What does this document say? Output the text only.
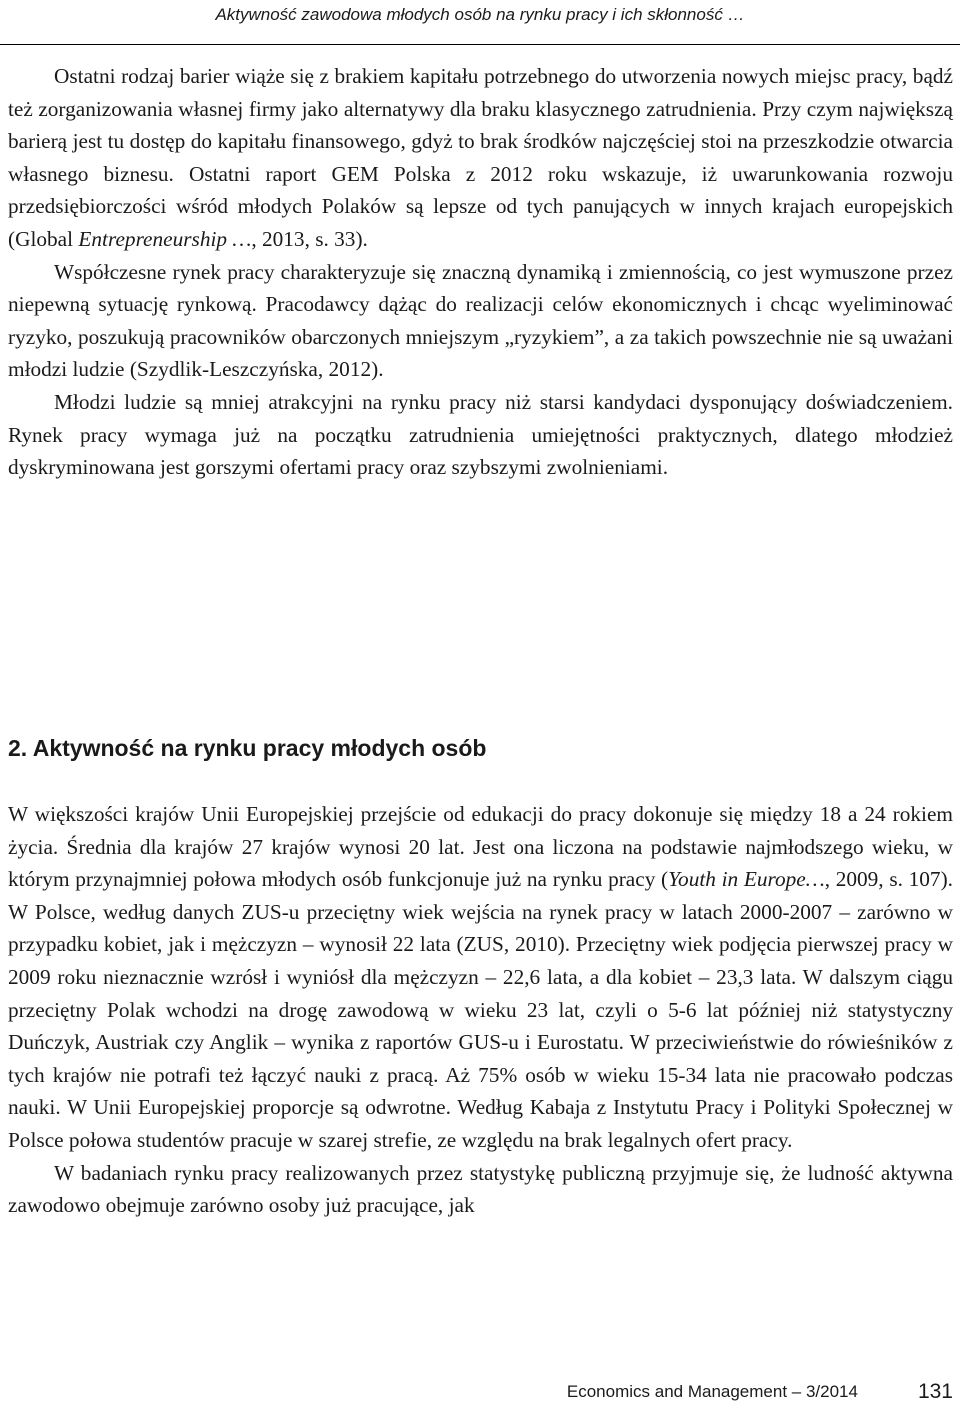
Aktywność zawodowa młodych osób na rynku pracy i ich skłonność …

Ostatni rodzaj barier wiąże się z brakiem kapitału potrzebnego do utworzenia nowych miejsc pracy, bądź też zorganizowania własnej firmy jako alternatywy dla braku klasycznego zatrudnienia. Przy czym największą barierą jest tu dostęp do kapitału finansowego, gdyż to brak środków najczęściej stoi na przeszkodzie otwarcia własnego biznesu. Ostatni raport GEM Polska z 2012 roku wskazuje, iż uwarunkowania rozwoju przedsiębiorczości wśród młodych Polaków są lepsze od tych panujących w innych krajach europejskich (Global Entrepreneurship …, 2013, s. 33).

Współczesne rynek pracy charakteryzuje się znaczną dynamiką i zmiennością, co jest wymuszone przez niepewną sytuację rynkową. Pracodawcy dążąc do realizacji celów ekonomicznych i chcąc wyeliminować ryzyko, poszukują pracowników obarczonych mniejszym „ryzykiem”, a za takich powszechnie nie są uważani młodzi ludzie (Szydlik-Leszczyńska, 2012).

Młodzi ludzie są mniej atrakcyjni na rynku pracy niż starsi kandydaci dysponujący doświadczeniem. Rynek pracy wymaga już na początku zatrudnienia umiejętności praktycznych, dlatego młodzież dyskryminowana jest gorszymi ofertami pracy oraz szybszymi zwolnieniami.

2. Aktywność na rynku pracy młodych osób

W większości krajów Unii Europejskiej przejście od edukacji do pracy dokonuje się między 18 a 24 rokiem życia. Średnia dla krajów 27 krajów wynosi 20 lat. Jest ona liczona na podstawie najmłodszego wieku, w którym przynajmniej połowa młodych osób funkcjonuje już na rynku pracy (Youth in Europe…, 2009, s. 107). W Polsce, według danych ZUS-u przeciętny wiek wejścia na rynek pracy w latach 2000-2007 – zarówno w przypadku kobiet, jak i mężczyzn – wynosił 22 lata (ZUS, 2010). Przeciętny wiek podjęcia pierwszej pracy w 2009 roku nieznacznie wzrósł i wyniósł dla mężczyzn – 22,6 lata, a dla kobiet – 23,3 lata. W dalszym ciągu przeciętny Polak wchodzi na drogę zawodową w wieku 23 lat, czyli o 5-6 lat później niż statystyczny Duńczyk, Austriak czy Anglik – wynika z raportów GUS-u i Eurostatu. W przeciwieństwie do rówieśników z tych krajów nie potrafi też łączyć nauki z pracą. Aż 75% osób w wieku 15-34 lata nie pracowało podczas nauki. W Unii Europejskiej proporcje są odwrotne. Według Kabaja z Instytutu Pracy i Polityki Społecznej w Polsce połowa studentów pracuje w szarej strefie, ze względu na brak legalnych ofert pracy.

W badaniach rynku pracy realizowanych przez statystykę publiczną przyjmuje się, że ludność aktywna zawodowo obejmuje zarówno osoby już pracujące, jak

Economics and Management – 3/2014	131
